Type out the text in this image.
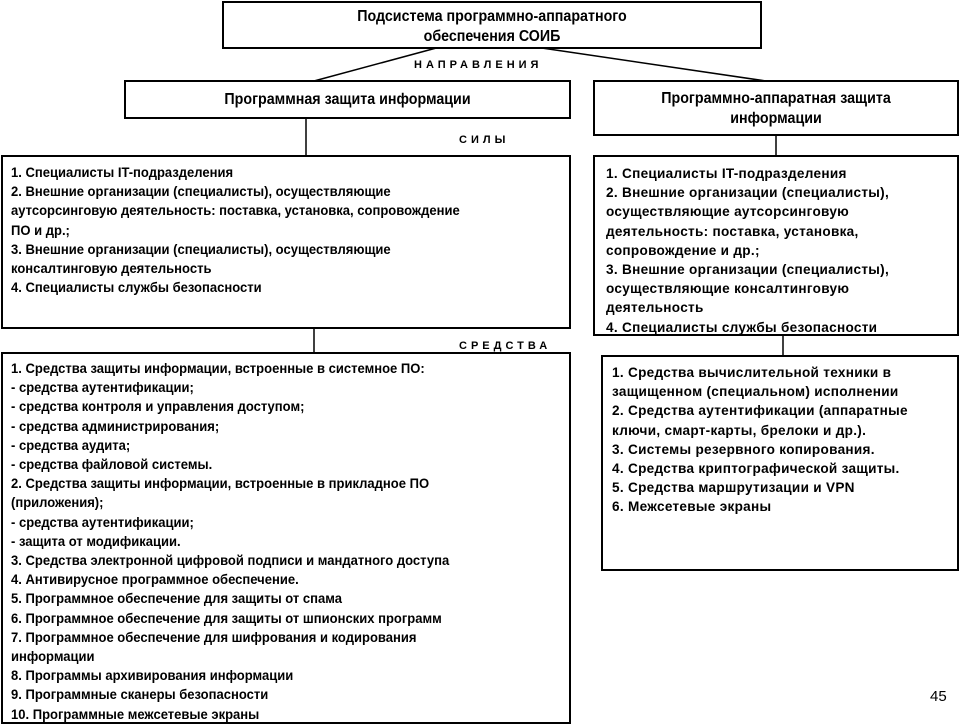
Подсистема программно-аппаратного
обеспечения СОИБ
НАПРАВЛЕНИЯ
Программная защита информации	Программно-аппаратная защита
информации
СИЛЫ
1. Специалисты IT-подразделения
2. Внешние организации (специалисты), осуществляющие
аутсорсинговую деятельность: поставка, установка, сопровождение
ПО и др.;
3. Внешние организации (специалисты), осуществляющие
консалтинговую деятельность
4. Специалисты службы безопасности
1. Специалисты IT-подразделения
2. Внешние организации (специалисты),
осуществляющие аутсорсинговую
деятельность: поставка, установка,
сопровождение и др.;
3. Внешние организации (специалисты),
осуществляющие консалтинговую
деятельность
4. Специалисты службы безопасности
СРЕДСТВА
1. Средства защиты информации, встроенные в системное ПО:
- средства аутентификации;
- средства контроля и управления доступом;
- средства администрирования;
- средства аудита;
- средства файловой системы.
2. Средства защиты информации, встроенные в прикладное ПО
(приложения);
- средства аутентификации;
- защита от модификации.
3. Средства электронной цифровой подписи и мандатного доступа
4. Антивирусное программное обеспечение.
5. Программное обеспечение для защиты от спама
6. Программное обеспечение для защиты от шпионских программ
7. Программное обеспечение для шифрования и кодирования
информации
8. Программы архивирования информации
9. Программные сканеры безопасности
10. Программные межсетевые экраны
1. Средства вычислительной техники в
защищенном (специальном) исполнении
2. Средства аутентификации (аппаратные
ключи, смарт-карты, брелоки и др.).
3. Системы резервного копирования.
4. Средства криптографической защиты.
5. Средства маршрутизации и VPN
6. Межсетевые экраны
45
